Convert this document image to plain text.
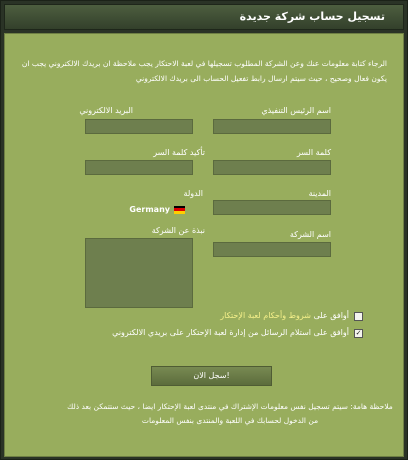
تسجيل حساب شركة جديدة

الرجاء كتابة معلومات عنك وعن الشركة المطلوب تسجيلها في لعبة الاحتكار يجب ملاحظة ان بريدك الالكتروني يجب ان يكون فعال وصحيح ، حيث سيتم ارسال رابط تفعيل الحساب الى بريدك الالكتروني

اسم الرئيس التنفيذي
البريد الالكتروني
كلمة السر
تأكيد كلمة السر
المدينة
الدولة
Germany
اسم الشركة
نبذة عن الشركة
أوافق على شروط وأحكام لعبة الإحتكار
✓
أوافق على استلام الرسائل من إدارة لعبة الإحتكار على بريدي الالكتروني
سجل الان!

ملاحظة هامة: سيتم تسجيل نفس معلومات الإشتراك في منتدى لعبة الإحتكار ايضا ، حيث ستتمكن بعد ذلك من الدخول لحسابك في اللعبة والمنتدى بنفس المعلومات
